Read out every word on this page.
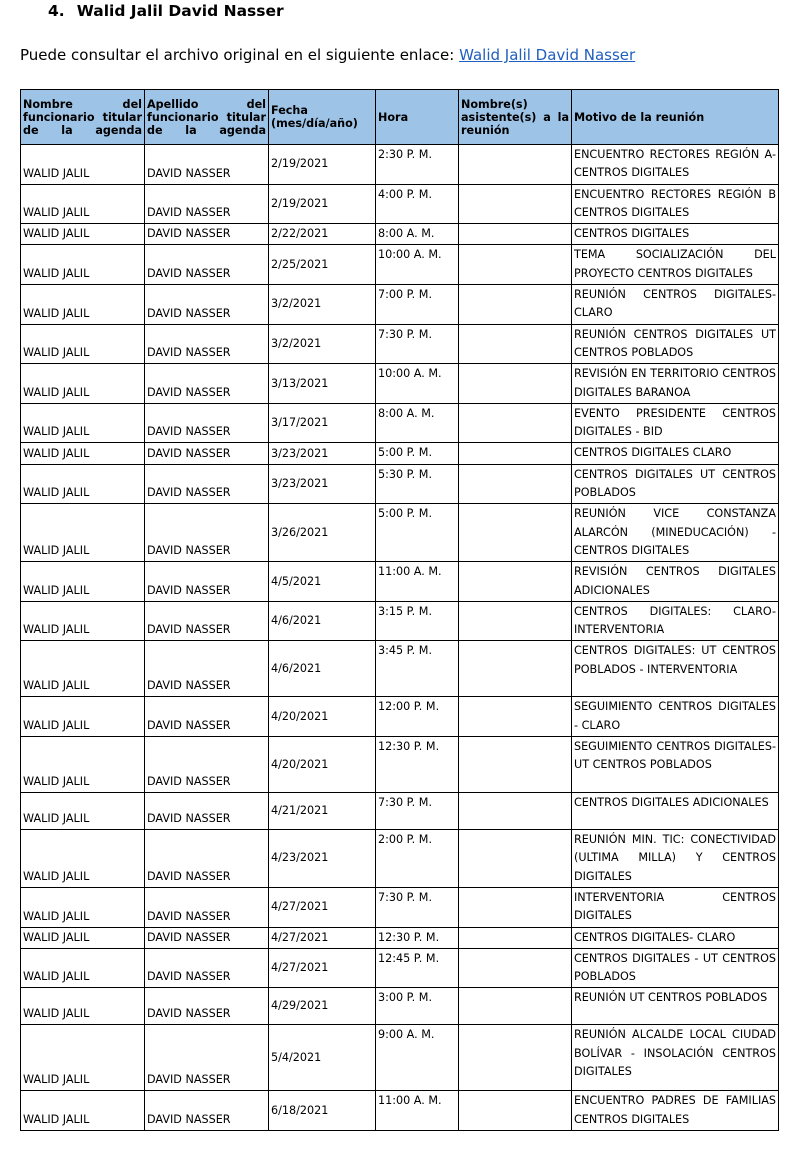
4. Walid Jalil David Nasser
Puede consultar el archivo original en el siguiente enlace: Walid Jalil David Nasser
Nombre del funcionario titular de la agenda	Apellido del funcionario titular de la agenda	Fecha (mes/día/año)	Hora	Nombre(s) asistente(s) a la reunión	Motivo de la reunión
WALID JALIL	DAVID NASSER	2/19/2021	2:30 P. M.		ENCUENTRO RECTORES REGIÓN A- CENTROS DIGITALES
WALID JALIL	DAVID NASSER	2/19/2021	4:00 P. M.		ENCUENTRO RECTORES REGIÓN B CENTROS DIGITALES
WALID JALIL	DAVID NASSER	2/22/2021	8:00 A. M.		CENTROS DIGITALES
WALID JALIL	DAVID NASSER	2/25/2021	10:00 A. M.		TEMA SOCIALIZACIÓN DEL PROYECTO CENTROS DIGITALES
WALID JALIL	DAVID NASSER	3/2/2021	7:00 P. M.		REUNIÓN CENTROS DIGITALES- CLARO
WALID JALIL	DAVID NASSER	3/2/2021	7:30 P. M.		REUNIÓN CENTROS DIGITALES UT CENTROS POBLADOS
WALID JALIL	DAVID NASSER	3/13/2021	10:00 A. M.		REVISIÓN EN TERRITORIO CENTROS DIGITALES BARANOA
WALID JALIL	DAVID NASSER	3/17/2021	8:00 A. M.		EVENTO PRESIDENTE CENTROS DIGITALES - BID
WALID JALIL	DAVID NASSER	3/23/2021	5:00 P. M.		CENTROS DIGITALES CLARO
WALID JALIL	DAVID NASSER	3/23/2021	5:30 P. M.		CENTROS DIGITALES UT CENTROS POBLADOS
WALID JALIL	DAVID NASSER	3/26/2021	5:00 P. M.		REUNIÓN VICE CONSTANZA ALARCÓN (MINEDUCACIÓN) - CENTROS DIGITALES
WALID JALIL	DAVID NASSER	4/5/2021	11:00 A. M.		REVISIÓN CENTROS DIGITALES ADICIONALES
WALID JALIL	DAVID NASSER	4/6/2021	3:15 P. M.		CENTROS DIGITALES: CLARO- INTERVENTORIA
WALID JALIL	DAVID NASSER	4/6/2021	3:45 P. M.		CENTROS DIGITALES: UT CENTROS POBLADOS - INTERVENTORIA
WALID JALIL	DAVID NASSER	4/20/2021	12:00 P. M.		SEGUIMIENTO CENTROS DIGITALES - CLARO
WALID JALIL	DAVID NASSER	4/20/2021	12:30 P. M.		SEGUIMIENTO CENTROS DIGITALES- UT CENTROS POBLADOS
WALID JALIL	DAVID NASSER	4/21/2021	7:30 P. M.		CENTROS DIGITALES ADICIONALES
WALID JALIL	DAVID NASSER	4/23/2021	2:00 P. M.		REUNIÓN MIN. TIC: CONECTIVIDAD (ULTIMA MILLA) Y CENTROS DIGITALES
WALID JALIL	DAVID NASSER	4/27/2021	7:30 P. M.		INTERVENTORIA CENTROS DIGITALES
WALID JALIL	DAVID NASSER	4/27/2021	12:30 P. M.		CENTROS DIGITALES- CLARO
WALID JALIL	DAVID NASSER	4/27/2021	12:45 P. M.		CENTROS DIGITALES - UT CENTROS POBLADOS
WALID JALIL	DAVID NASSER	4/29/2021	3:00 P. M.		REUNIÓN UT CENTROS POBLADOS
WALID JALIL	DAVID NASSER	5/4/2021	9:00 A. M.		REUNIÓN ALCALDE LOCAL CIUDAD BOLÍVAR - INSOLACIÓN CENTROS DIGITALES
WALID JALIL	DAVID NASSER	6/18/2021	11:00 A. M.		ENCUENTRO PADRES DE FAMILIAS CENTROS DIGITALES
